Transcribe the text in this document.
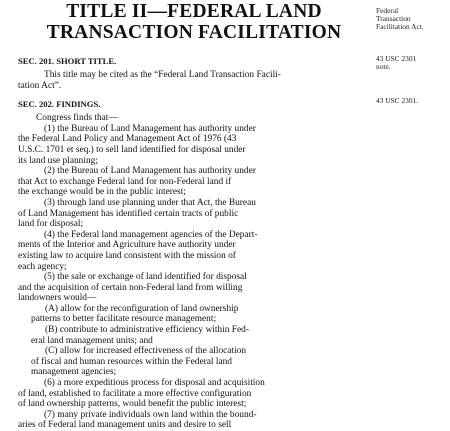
Federal
Transaction
Facilitation Act.
43 USC 2301
note.
43 USC 2301.
TITLE II—FEDERAL LAND
TRANSACTION FACILITATION
SEC. 201. SHORT TITLE.
This title may be cited as the “Federal Land Transaction Facili-
tation Act”.
SEC. 202. FINDINGS.
Congress finds that—
(1) the Bureau of Land Management has authority under
the Federal Land Policy and Management Act of 1976 (43
U.S.C. 1701 et seq.) to sell land identified for disposal under
its land use planning;
(2) the Bureau of Land Management has authority under
that Act to exchange Federal land for non-Federal land if
the exchange would be in the public interest;
(3) through land use planning under that Act, the Bureau
of Land Management has identified certain tracts of public
land for disposal;
(4) the Federal land management agencies of the Depart-
ments of the Interior and Agriculture have authority under
existing law to acquire land consistent with the mission of
each agency;
(5) the sale or exchange of land identified for disposal
and the acquisition of certain non-Federal land from willing
landowners would—
(A) allow for the reconfiguration of land ownership
patterns to better facilitate resource management;
(B) contribute to administrative efficiency within Fed-
eral land management units; and
(C) allow for increased effectiveness of the allocation
of fiscal and human resources within the Federal land
management agencies;
(6) a more expeditious process for disposal and acquisition
of land, established to facilitate a more effective configuration
of land ownership patterns, would benefit the public interest;
(7) many private individuals own land within the bound-
aries of Federal land management units and desire to sell
